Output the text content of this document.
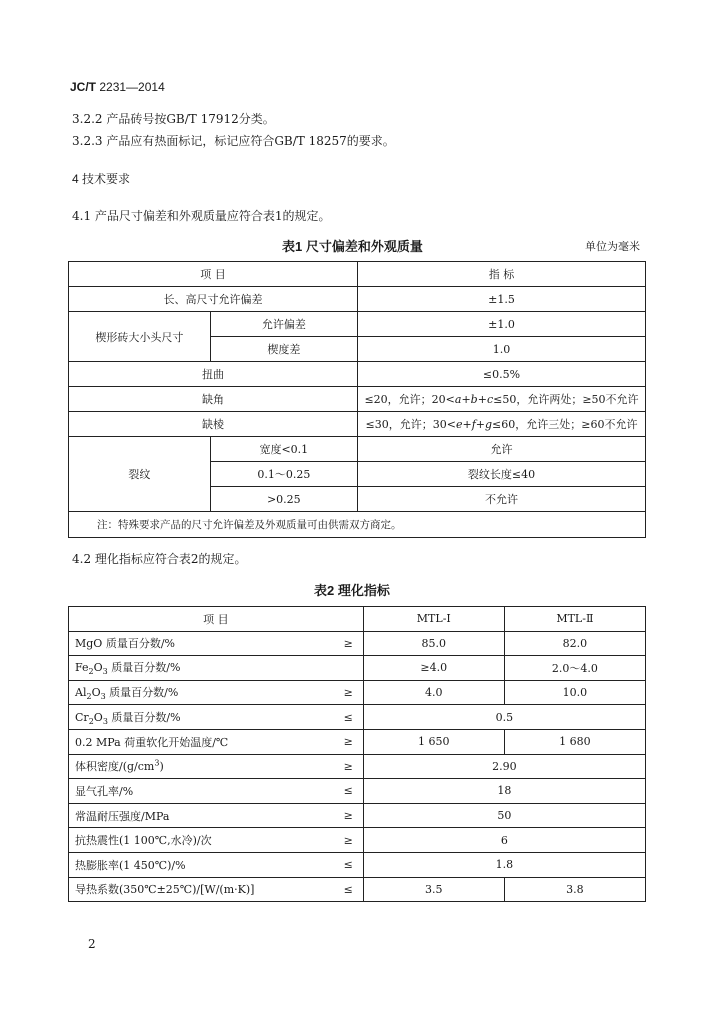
JC/T 2231—2014
3.2.2 产品砖号按GB/T 17912分类。
3.2.3 产品应有热面标记，标记应符合GB/T 18257的要求。
4 技术要求
4.1 产品尺寸偏差和外观质量应符合表1的规定。
表1 尺寸偏差和外观质量	单位为毫米
项 目		指 标
长、高尺寸允许偏差		±1.5
楔形砖大小头尺寸	允许偏差	±1.0
	楔度差	1.0
扭曲		≤0.5%
缺角		≤20，允许；20<a+b+c≤50，允许两处；≥50不允许
缺棱		≤30，允许；30<e+f+g≤60，允许三处；≥60不允许
裂纹	宽度<0.1	允许
	0.1～0.25	裂纹长度≤40
	>0.25	不允许
注：特殊要求产品的尺寸允许偏差及外观质量可由供需双方商定。		
4.2 理化指标应符合表2的规定。
表2 理化指标
项 目		MTL-Ⅰ	MTL-Ⅱ
MgO 质量百分数/%	≥	85.0	82.0
$Fe_2O_3$ 质量百分数/%		≥4.0	2.0～4.0
$Al_2O_3$ 质量百分数/%	≥	4.0	10.0
$Cr_2O_3$ 质量百分数/%	≤	0.5	
0.2 MPa 荷重软化开始温度/℃	≥	1 650	1 680
体积密度$/(g/cm^3)$	≥	2.90	
显气孔率/%	≤	18	
常温耐压强度/MPa	≥	50	
抗热震性(1 100℃,水冷)/次	≥	6	
热膨胀率(1 450℃)/%	≤	1.8	
导热系数(350℃±25℃)/[W/(m·K)]	≤	3.5	3.8
2
